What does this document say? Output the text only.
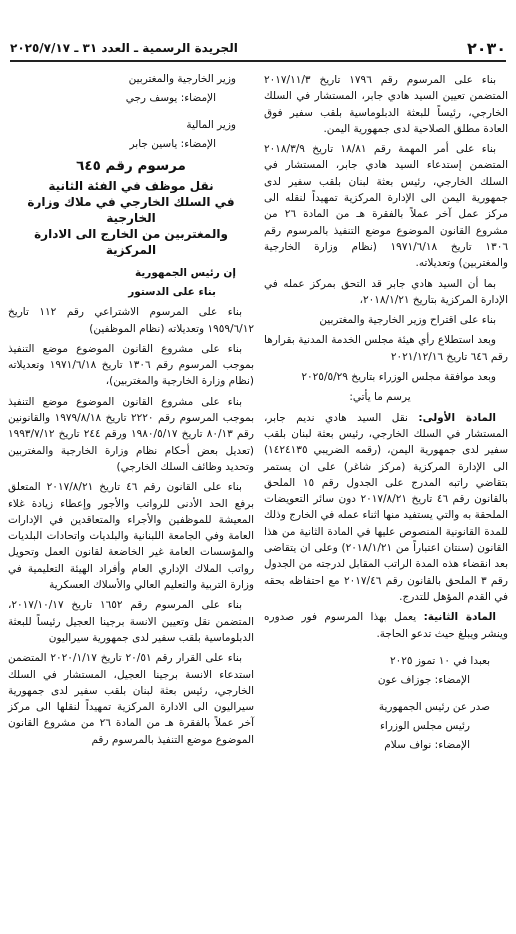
الجريدة الرسمية ـ العدد ٣١ ـ ٢٠٢٥/٧/١٧	٢٠٣٠

بناء على المرسوم رقم ١٧٩٦ تاريخ ٢٠١٧/١١/٣ المتضمن تعيين السيد هادي جابر، المستشار في السلك الخارجي، رئيساً للبعثة الدبلوماسية بلقب سفير فوق العادة مطلق الصلاحية لدى جمهورية اليمن.

بناء على أمر المهمة رقم ١٨/٨١ تاريخ ٢٠١٨/٣/٩ المتضمن إستدعاء السيد هادي جابر، المستشار في السلك الخارجي، رئيس بعثة لبنان بلقب سفير لدى جمهورية اليمن الى الإدارة المركزية تمهيداً لنقله الى مركز عمل آخر عملاً بالفقرة هـ من المادة ٢٦ من مشروع القانون الموضوع موضع التنفيذ بالمرسوم رقم ١٣٠٦ تاريخ ١٩٧١/٦/١٨ (نظام وزارة الخارجية والمغتربين) وتعديلاته.

بما أن السيد هادي جابر قد التحق بمركز عمله في الإدارة المركزية بتاريخ ٢٠١٨/١/٢١،

بناء على اقتراح وزير الخارجية والمغتربين

وبعد استطلاع رأي هيئة مجلس الخدمة المدنية بقرارها رقم ٦٤٦ تاريخ ٢٠٢١/١٢/١٦

وبعد موافقة مجلس الوزراء بتاريخ ٢٠٢٥/٥/٢٩

يرسم ما يأتي:

المادة الأولى: نقل السيد هادي نديم جابر، المستشار في السلك الخارجي، رئيس بعثة لبنان بلقب سفير لدى جمهورية اليمن، (رقمه الضريبي ١٤٢٤١٣٥) الى الإدارة المركزية (مركز شاغر) على ان يستمر بتقاضي راتبه المدرج على الجدول رقم ١٥ الملحق بالقانون رقم ٤٦ تاريخ ٢٠١٧/٨/٢١ دون سائر التعويضات الملحقة به والتي يستفيد منها اثناء عمله في الخارج وذلك للمدة القانونية المنصوص عليها في المادة الثانية من هذا القانون (سنتان اعتباراً من ٢٠١٨/١/٢١) وعلى ان يتقاضى بعد انقضاء هذه المدة الراتب المقابل لدرجته من الجدول رقم ٣ الملحق بالقانون رقم ٢٠١٧/٤٦ مع احتفاظه بحقه في القدم المؤهل للتدرج.

المادة الثانية: يعمل بهذا المرسوم فور صدوره وينشر ويبلغ حيث تدعو الحاجة.

بعبدا في ١٠ تموز ٢٠٢٥

الإمضاء: جوزاف عون

صدر عن رئيس الجمهورية

رئيس مجلس الوزراء

الإمضاء: نواف سلام

وزير الخارجية والمغتربين

الإمضاء: يوسف رجي

وزير المالية

الإمضاء: ياسين جابر

مرسوم رقم ٦٤٥
نقل موظف في الفئة الثانية
في السلك الخارجي في ملاك وزارة الخارجية
والمغتربين من الخارج الى الادارة المركزية

إن رئيس الجمهورية

بناء على الدستور

بناء على المرسوم الاشتراعي رقم ١١٢ تاريخ ١٩٥٩/٦/١٢ وتعديلاته (نظام الموظفين)

بناء على مشروع القانون الموضوع موضع التنفيذ بموجب المرسوم رقم ١٣٠٦ تاريخ ١٩٧١/٦/١٨ وتعديلاته (نظام وزارة الخارجية والمغتربين)،

بناء على مشروع القانون الموضوع موضع التنفيذ بموجب المرسوم رقم ٢٢٢٠ تاريخ ١٩٧٩/٨/١٨ والقانونين رقم ٨٠/١٣ تاريخ ١٩٨٠/٥/١٧ ورقم ٢٤٤ تاريخ ١٩٩٣/٧/١٢ (تعديل بعض أحكام نظام وزارة الخارجية والمغتربين وتحديد وظائف السلك الخارجي)

بناء على القانون رقم ٤٦ تاريخ ٢٠١٧/٨/٢١ المتعلق برفع الحد الأدنى للرواتب والأجور وإعطاء زيادة غلاء المعيشة للموظفين والأجراء والمتعاقدين في الإدارات العامة وفي الجامعة اللبنانية والبلديات واتحادات البلديات والمؤسسات العامة غير الخاضعة لقانون العمل وتحويل رواتب الملاك الإداري العام وأفراد الهيئة التعليمية في وزارة التربية والتعليم العالي والأسلاك العسكرية

بناء على المرسوم رقم ١٦٥٢ تاريخ ٢٠١٧/١٠/١٧، المتضمن نقل وتعيين الانسة برجينا العجيل رئيساً للبعثة الدبلوماسية بلقب سفير لدى جمهورية سيراليون

بناء على القرار رقم ٢٠/٥١ تاريخ ٢٠٢٠/١/١٧ المتضمن استدعاء الانسة برجينا العجيل، المستشار في السلك الخارجي، رئيس بعثة لبنان بلقب سفير لدى جمهورية سيراليون الى الادارة المركزية تمهيداً لنقلها الى مركز آخر عملاً بالفقرة هـ من المادة ٢٦ من مشروع القانون الموضوع موضع التنفيذ بالمرسوم رقم
